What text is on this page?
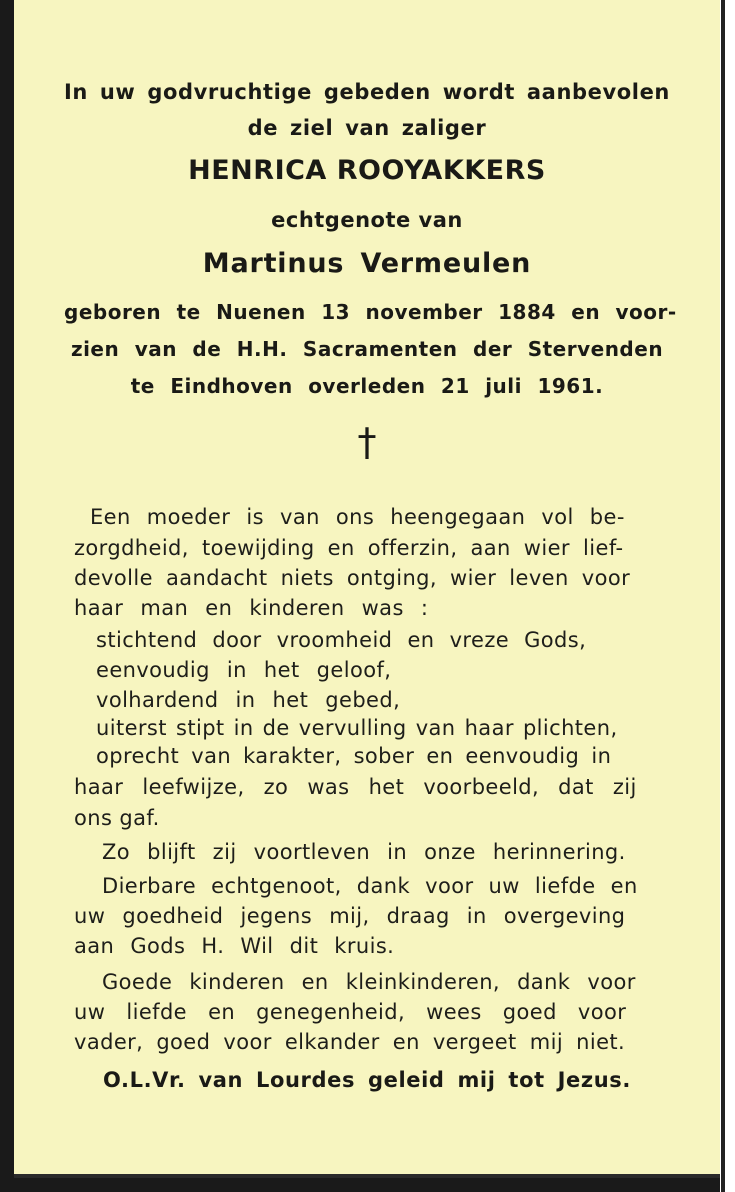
In uw godvruchtige gebeden wordt aanbevolen
de ziel van zaliger
HENRICA ROOYAKKERS
echtgenote van
Martinus Vermeulen
geboren te Nuenen 13 november 1884 en voor-
zien van de H.H. Sacramenten der Stervenden
te Eindhoven overleden 21 juli 1961.
†
Een moeder is van ons heengegaan vol be-
zorgdheid, toewijding en offerzin, aan wier lief-
devolle aandacht niets ontging, wier leven voor
haar man en kinderen was :
stichtend door vroomheid en vreze Gods,
eenvoudig in het geloof,
volhardend in het gebed,
uiterst stipt in de vervulling van haar plichten,
oprecht van karakter, sober en eenvoudig in
haar leefwijze, zo was het voorbeeld, dat zij
ons gaf.
Zo blijft zij voortleven in onze herinnering.
Dierbare echtgenoot, dank voor uw liefde en
uw goedheid jegens mij, draag in overgeving
aan Gods H. Wil dit kruis.
Goede kinderen en kleinkinderen, dank voor
uw liefde en genegenheid, wees goed voor
vader, goed voor elkander en vergeet mij niet.
O.L.Vr. van Lourdes geleid mij tot Jezus.
